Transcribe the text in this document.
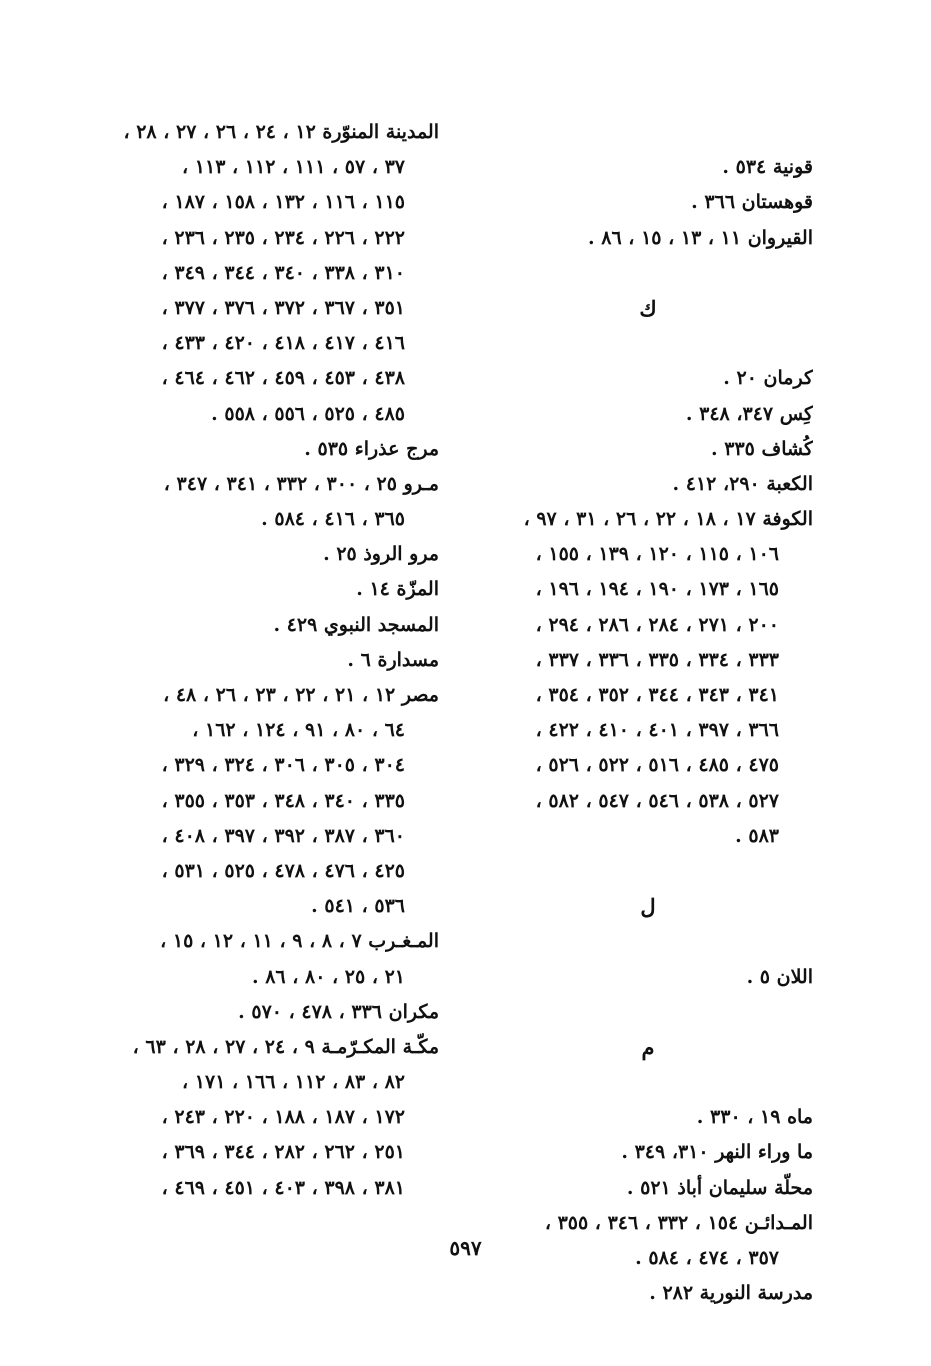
قونية ٥٣٤ .
قوهستان ٣٦٦ .
القيروان ١١ ، ١٣ ، ١٥ ، ٨٦ .
ك
كرمان ٢٠ .
كِس ٣٤٧، ٣٤٨ .
كُشاف ٣٣٥ .
الكعبة ٢٩٠، ٤١٢ .
الكوفة ١٧ ، ١٨ ، ٢٢ ، ٢٦ ، ٣١ ، ٩٧ ،
١٠٦ ، ١١٥ ، ١٢٠ ، ١٣٩ ، ١٥٥ ،
١٦٥ ، ١٧٣ ، ١٩٠ ، ١٩٤ ، ١٩٦ ،
٢٠٠ ، ٢٧١ ، ٢٨٤ ، ٢٨٦ ، ٢٩٤ ،
٣٣٣ ، ٣٣٤ ، ٣٣٥ ، ٣٣٦ ، ٣٣٧ ،
٣٤١ ، ٣٤٣ ، ٣٤٤ ، ٣٥٢ ، ٣٥٤ ،
٣٦٦ ، ٣٩٧ ، ٤٠١ ، ٤١٠ ، ٤٢٢ ،
٤٧٥ ، ٤٨٥ ، ٥١٦ ، ٥٢٢ ، ٥٢٦ ،
٥٢٧ ، ٥٣٨ ، ٥٤٦ ، ٥٤٧ ، ٥٨٢ ،
٥٨٣ .
ل
اللان ٥ .
م
ماه ١٩ ، ٣٣٠ .
ما وراء النهر ٣١٠، ٣٤٩ .
محلّة سليمان أباذ ٥٢١ .
المـدائـن ١٥٤ ، ٣٣٢ ، ٣٤٦ ، ٣٥٥ ،
٣٥٧ ، ٤٧٤ ، ٥٨٤ .
مدرسة النورية ٢٨٢ .
المدينة المنوّرة ١٢ ، ٢٤ ، ٢٦ ، ٢٧ ، ٢٨ ،
٣٧ ، ٥٧ ، ١١١ ، ١١٢ ، ١١٣ ،
١١٥ ، ١١٦ ، ١٣٢ ، ١٥٨ ، ١٨٧ ،
٢٢٢ ، ٢٢٦ ، ٢٣٤ ، ٢٣٥ ، ٢٣٦ ،
٣١٠ ، ٣٣٨ ، ٣٤٠ ، ٣٤٤ ، ٣٤٩ ،
٣٥١ ، ٣٦٧ ، ٣٧٢ ، ٣٧٦ ، ٣٧٧ ،
٤١٦ ، ٤١٧ ، ٤١٨ ، ٤٢٠ ، ٤٣٣ ،
٤٣٨ ، ٤٥٣ ، ٤٥٩ ، ٤٦٢ ، ٤٦٤ ،
٤٨٥ ، ٥٢٥ ، ٥٥٦ ، ٥٥٨ .
مرج عذراء ٥٣٥ .
مـرو ٢٥ ، ٣٠٠ ، ٣٣٢ ، ٣٤١ ، ٣٤٧ ،
٣٦٥ ، ٤١٦ ، ٥٨٤ .
مرو الروذ ٢٥ .
المزّة ١٤ .
المسجد النبوي ٤٢٩ .
مسدارة ٦ .
مصر ١٢ ، ٢١ ، ٢٢ ، ٢٣ ، ٢٦ ، ٤٨ ،
٦٤ ، ٨٠ ، ٩١ ، ١٢٤ ، ١٦٢ ،
٣٠٤ ، ٣٠٥ ، ٣٠٦ ، ٣٢٤ ، ٣٢٩ ،
٣٣٥ ، ٣٤٠ ، ٣٤٨ ، ٣٥٣ ، ٣٥٥ ،
٣٦٠ ، ٣٨٧ ، ٣٩٢ ، ٣٩٧ ، ٤٠٨ ،
٤٢٥ ، ٤٧٦ ، ٤٧٨ ، ٥٢٥ ، ٥٣١ ،
٥٣٦ ، ٥٤١ .
المـغـرب ٧ ، ٨ ، ٩ ، ١١ ، ١٢ ، ١٥ ،
٢١ ، ٢٥ ، ٨٠ ، ٨٦ .
مكران ٣٣٦ ، ٤٧٨ ، ٥٧٠ .
مكّـة المكـرّمـة ٩ ، ٢٤ ، ٢٧ ، ٢٨ ، ٦٣ ،
٨٢ ، ٨٣ ، ١١٢ ، ١٦٦ ، ١٧١ ،
١٧٢ ، ١٨٧ ، ١٨٨ ، ٢٢٠ ، ٢٤٣ ،
٢٥١ ، ٢٦٢ ، ٢٨٢ ، ٣٤٤ ، ٣٦٩ ،
٣٨١ ، ٣٩٨ ، ٤٠٣ ، ٤٥١ ، ٤٦٩ ،
٥٩٧
